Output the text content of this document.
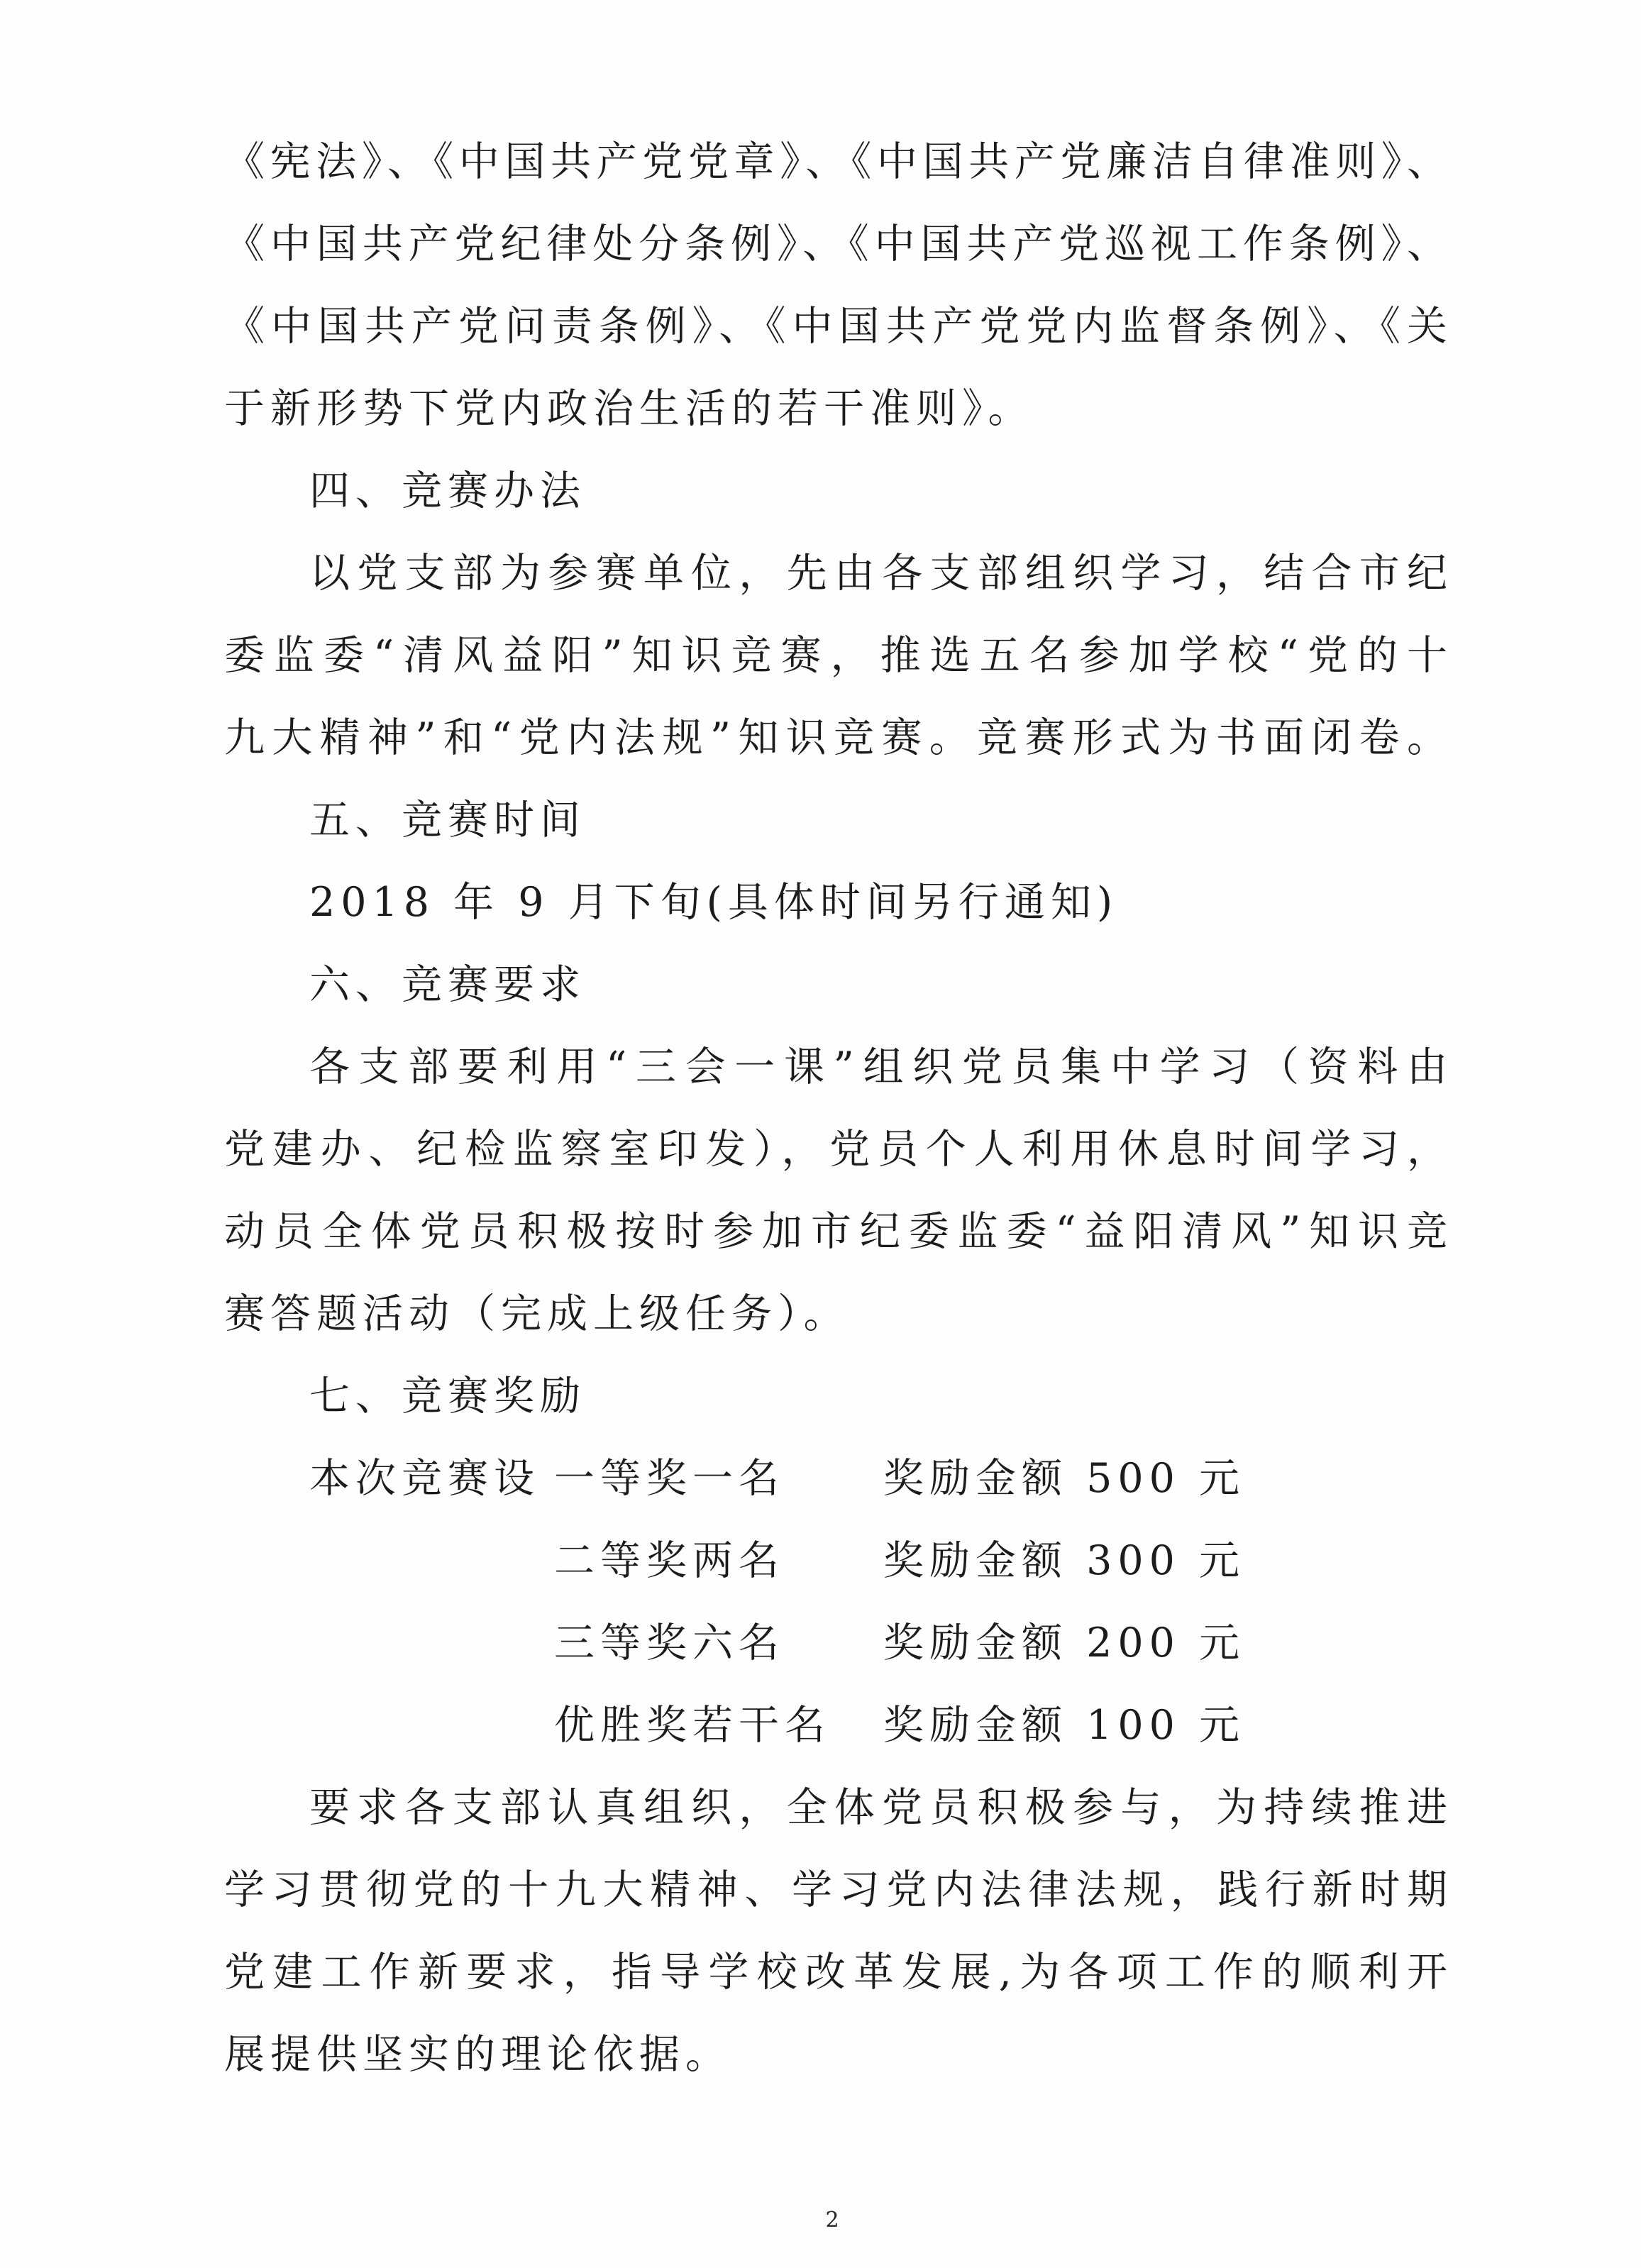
《宪法》、《中国共产党党章》、《中国共产党廉洁自律准则》、
《中国共产党纪律处分条例》、《中国共产党巡视工作条例》、
《中国共产党问责条例》、《中国共产党党内监督条例》、《关
于新形势下党内政治生活的若干准则》。
四、竞赛办法
以党支部为参赛单位，先由各支部组织学习，结合市纪
委监委“清风益阳”知识竞赛，推选五名参加学校“党的十
九大精神”和“党内法规”知识竞赛。竞赛形式为书面闭卷。
五、竞赛时间
2018 年 9 月下旬(具体时间另行通知)
六、竞赛要求
各支部要利用“三会一课”组织党员集中学习（资料由
党建办、纪检监察室印发），党员个人利用休息时间学习，
动员全体党员积极按时参加市纪委监委“益阳清风”知识竞
赛答题活动（完成上级任务）。
七、竞赛奖励
本次竞赛设 一等奖一名 奖励金额 500 元
二等奖两名 奖励金额 300 元
三等奖六名 奖励金额 200 元
优胜奖若干名 奖励金额 100 元
要求各支部认真组织，全体党员积极参与，为持续推进
学习贯彻党的十九大精神、学习党内法律法规，践行新时期
党建工作新要求，指导学校改革发展,为各项工作的顺利开
展提供坚实的理论依据。
2
